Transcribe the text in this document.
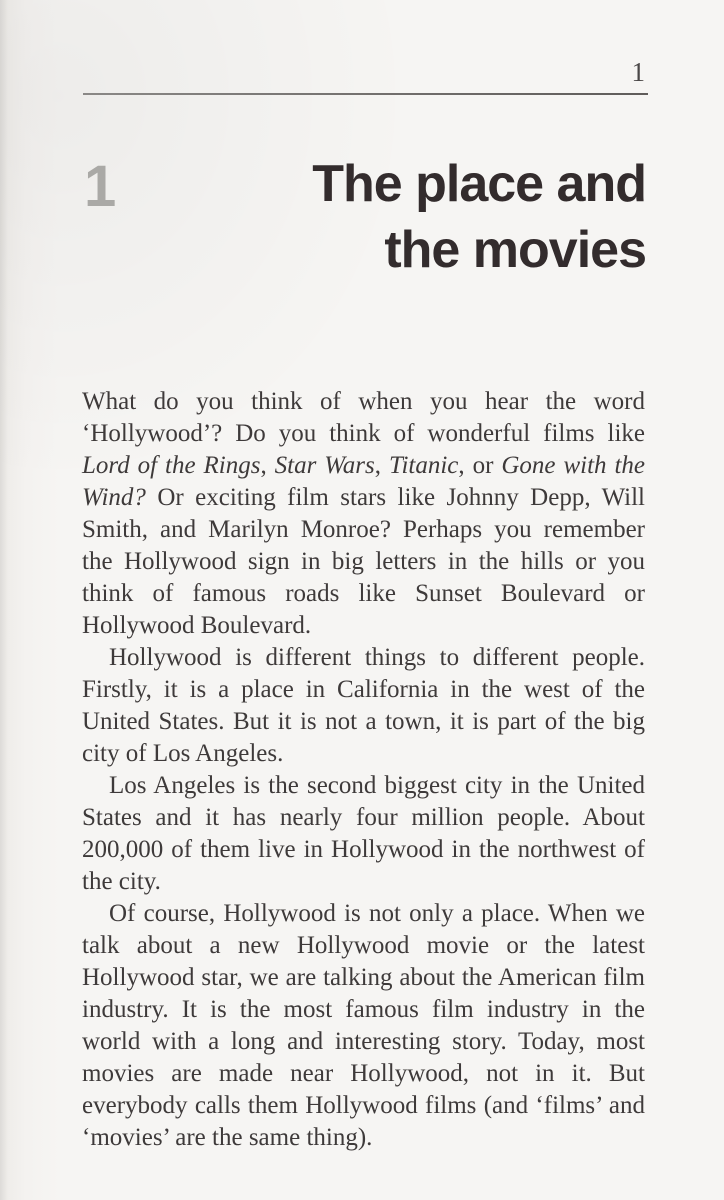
1
1	The place and
the movies

What do you think of when you hear the word ‘Hollywood’? Do you think of wonderful films like Lord of the Rings, Star Wars, Titanic, or Gone with the Wind? Or exciting film stars like Johnny Depp, Will Smith, and Marilyn Monroe? Perhaps you remember the Hollywood sign in big letters in the hills or you think of famous roads like Sunset Boulevard or Hollywood Boulevard.

Hollywood is different things to different people. Firstly, it is a place in California in the west of the United States. But it is not a town, it is part of the big city of Los Angeles.

Los Angeles is the second biggest city in the United States and it has nearly four million people. About 200,000 of them live in Hollywood in the northwest of the city.

Of course, Hollywood is not only a place. When we talk about a new Hollywood movie or the latest Hollywood star, we are talking about the American film industry. It is the most famous film industry in the world with a long and interesting story. Today, most movies are made near Hollywood, not in it. But everybody calls them Hollywood films (and ‘films’ and ‘movies’ are the same thing).
